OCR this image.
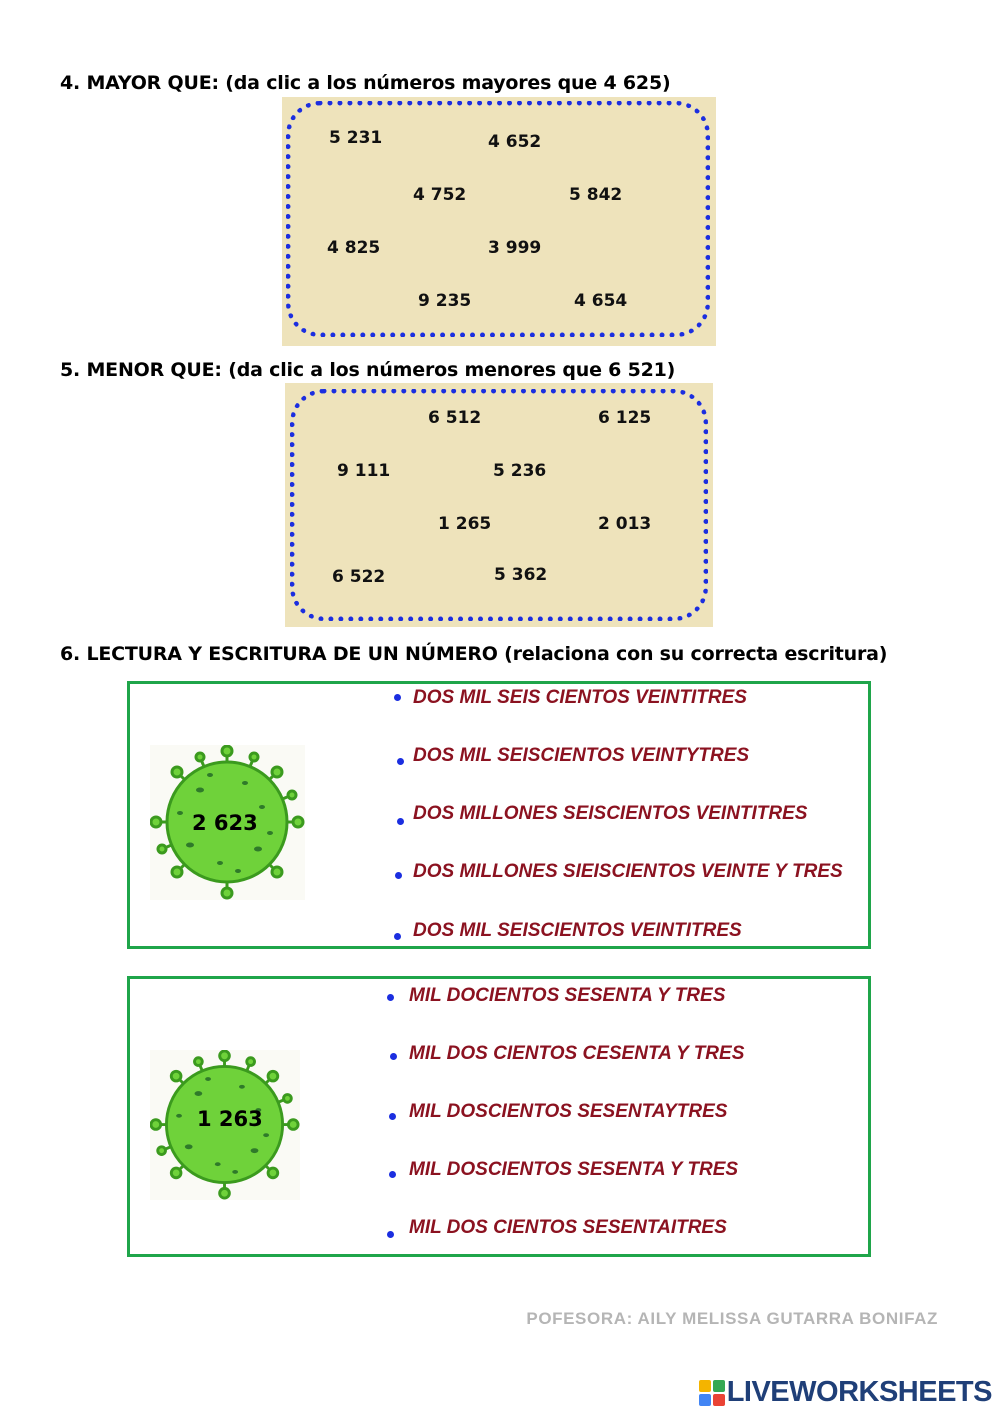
4. MAYOR QUE: (da clic a los números mayores que 4 625)
5 231	4 652
4 752	5 842
4 825	3 999
9 235	4 654
5. MENOR QUE: (da clic a los números menores que 6 521)
6 512	6 125
9 111	5 236
1 265	2 013
6 522	5 362
6. LECTURA Y ESCRITURA DE UN NÚMERO (relaciona con su correcta escritura)
2 623
DOS MIL SEIS CIENTOS VEINTITRES
DOS MIL SEISCIENTOS VEINTYTRES
DOS MILLONES SEISCIENTOS VEINTITRES
DOS MILLONES SIEISCIENTOS VEINTE Y TRES
DOS MIL SEISCIENTOS VEINTITRES
1 263
MIL DOCIENTOS SESENTA Y TRES
MIL DOS CIENTOS CESENTA Y TRES
MIL DOSCIENTOS SESENTAYTRES
MIL DOSCIENTOS SESENTA Y TRES
MIL DOS CIENTOS SESENTAITRES
POFESORA: AILY MELISSA GUTARRA BONIFAZ
LIVEWORKSHEETS
